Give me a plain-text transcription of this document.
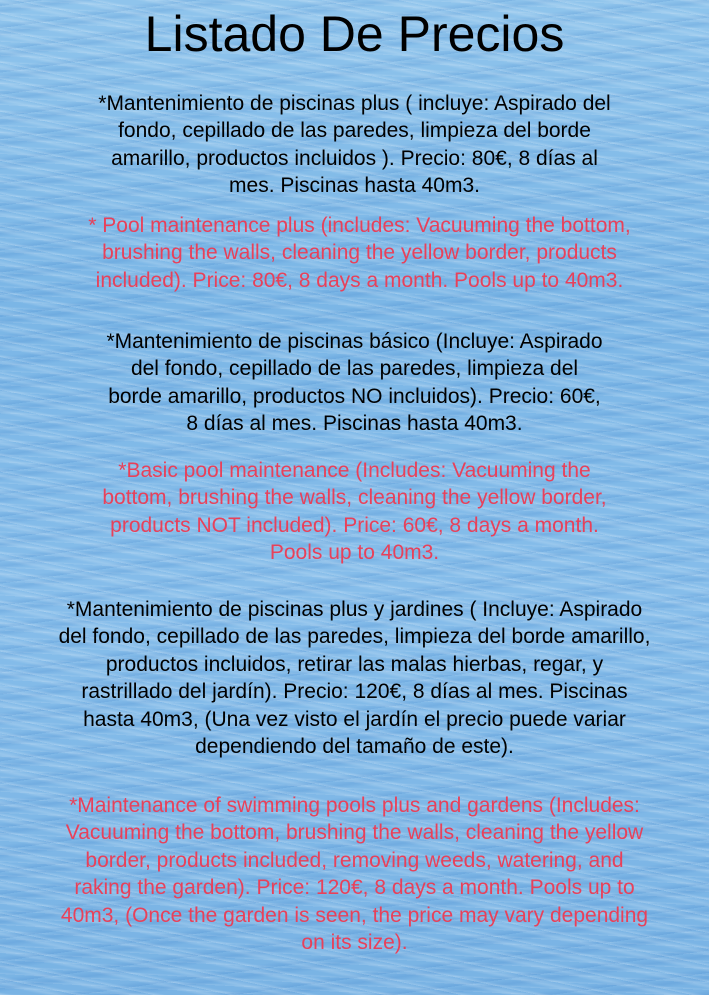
Listado De Precios

*Mantenimiento de piscinas plus ( incluye: Aspirado del
fondo, cepillado de las paredes, limpieza del borde
amarillo, productos incluidos ). Precio: 80€, 8 días al
mes. Piscinas hasta 40m3.

* Pool maintenance plus (includes: Vacuuming the bottom,
brushing the walls, cleaning the yellow border, products
included). Price: 80€, 8 days a month. Pools up to 40m3.

*Mantenimiento de piscinas básico (Incluye: Aspirado
del fondo, cepillado de las paredes, limpieza del
borde amarillo, productos NO incluidos). Precio: 60€,
8 días al mes. Piscinas hasta 40m3.

*Basic pool maintenance (Includes: Vacuuming the
bottom, brushing the walls, cleaning the yellow border,
products NOT included). Price: 60€, 8 days a month.
Pools up to 40m3.

*Mantenimiento de piscinas plus y jardines ( Incluye: Aspirado
del fondo, cepillado de las paredes, limpieza del borde amarillo,
productos incluidos, retirar las malas hierbas, regar, y
rastrillado del jardín). Precio: 120€, 8 días al mes. Piscinas
hasta 40m3, (Una vez visto el jardín el precio puede variar
dependiendo del tamaño de este).

*Maintenance of swimming pools plus and gardens (Includes:
Vacuuming the bottom, brushing the walls, cleaning the yellow
border, products included, removing weeds, watering, and
raking the garden). Price: 120€, 8 days a month. Pools up to
40m3, (Once the garden is seen, the price may vary depending
on its size).
